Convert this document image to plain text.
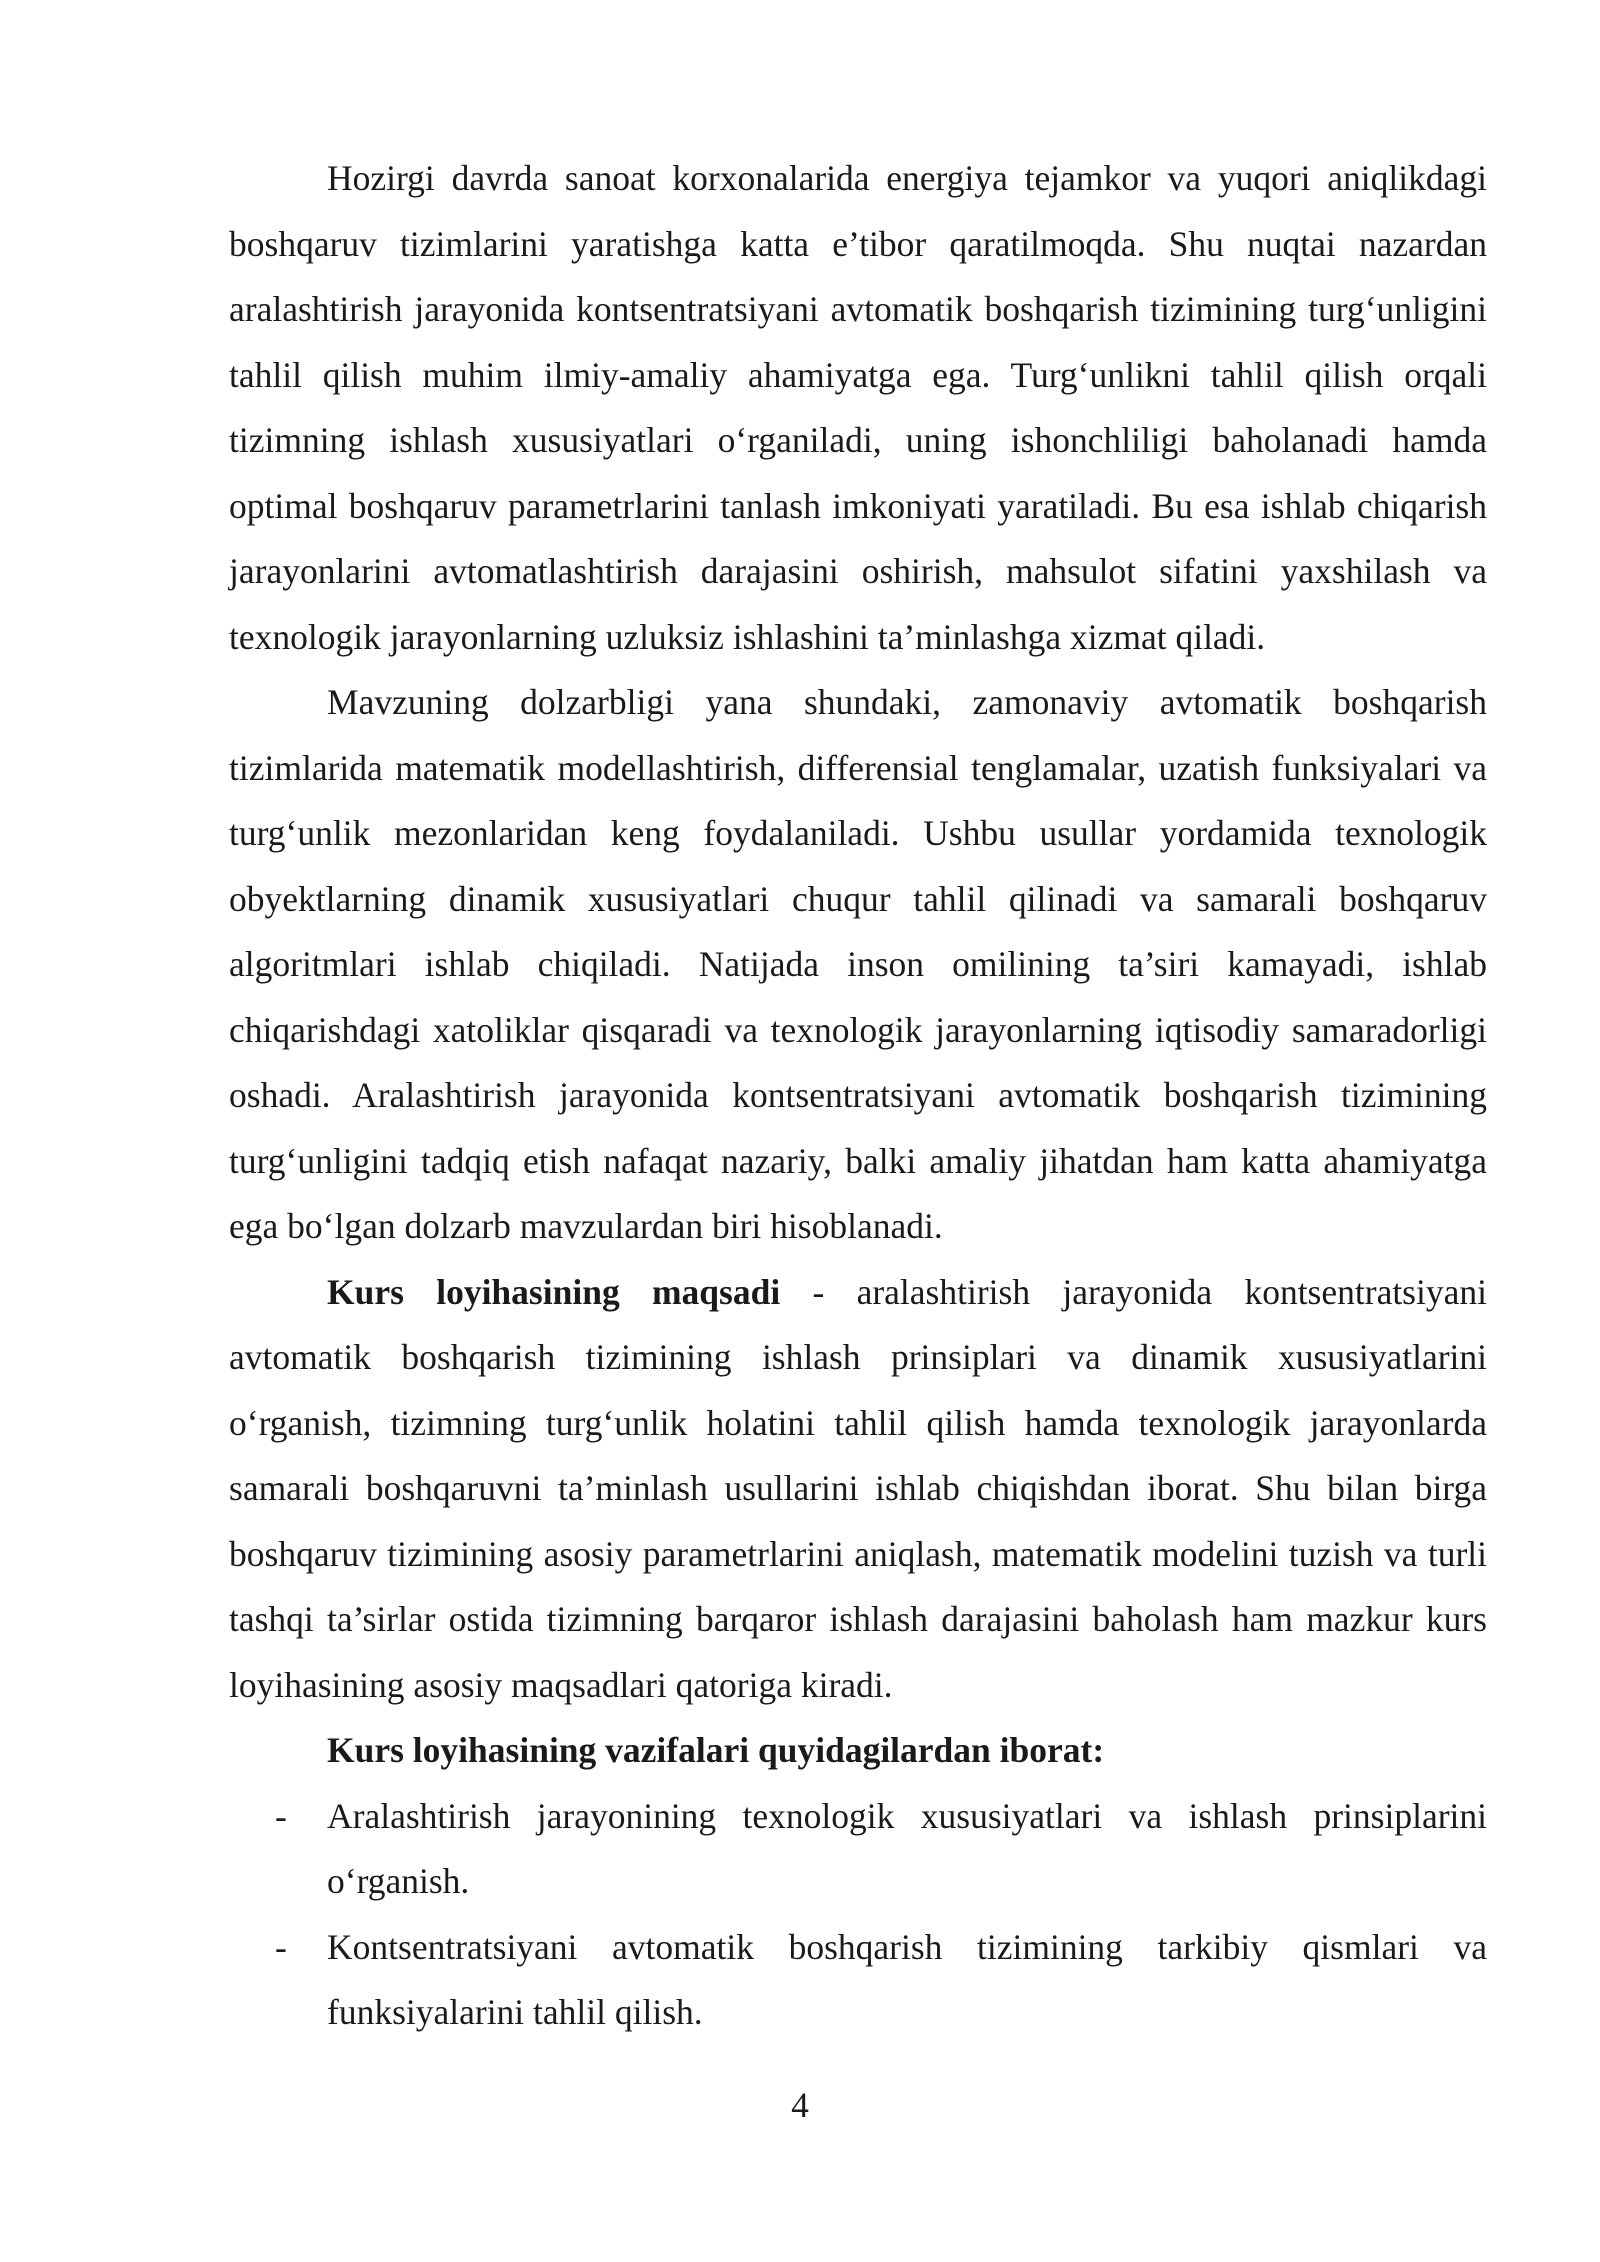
Hozirgi davrda sanoat korxonalarida energiya tejamkor va yuqori aniqlikdagi boshqaruv tizimlarini yaratishga katta e’tibor qaratilmoqda. Shu nuqtai nazardan aralashtirish jarayonida kontsentratsiyani avtomatik boshqarish tizimining turg‘unligini tahlil qilish muhim ilmiy-amaliy ahamiyatga ega. Turg‘unlikni tahlil qilish orqali tizimning ishlash xususiyatlari o‘rganiladi, uning ishonchliligi baholanadi hamda optimal boshqaruv parametrlarini tanlash imkoniyati yaratiladi. Bu esa ishlab chiqarish jarayonlarini avtomatlashtirish darajasini oshirish, mahsulot sifatini yaxshilash va texnologik jarayonlarning uzluksiz ishlashini ta’minlashga xizmat qiladi.

Mavzuning dolzarbligi yana shundaki, zamonaviy avtomatik boshqarish tizimlarida matematik modellashtirish, differensial tenglamalar, uzatish funksiyalari va turg‘unlik mezonlaridan keng foydalaniladi. Ushbu usullar yordamida texnologik obyektlarning dinamik xususiyatlari chuqur tahlil qilinadi va samarali boshqaruv algoritmlari ishlab chiqiladi. Natijada inson omilining ta’siri kamayadi, ishlab chiqarishdagi xatoliklar qisqaradi va texnologik jarayonlarning iqtisodiy samaradorligi oshadi. Aralashtirish jarayonida kontsentratsiyani avtomatik boshqarish tizimining turg‘unligini tadqiq etish nafaqat nazariy, balki amaliy jihatdan ham katta ahamiyatga ega bo‘lgan dolzarb mavzulardan biri hisoblanadi.

Kurs loyihasining maqsadi - aralashtirish jarayonida kontsentratsiyani avtomatik boshqarish tizimining ishlash prinsiplari va dinamik xususiyatlarini o‘rganish, tizimning turg‘unlik holatini tahlil qilish hamda texnologik jarayonlarda samarali boshqaruvni ta’minlash usullarini ishlab chiqishdan iborat. Shu bilan birga boshqaruv tizimining asosiy parametrlarini aniqlash, matematik modelini tuzish va turli tashqi ta’sirlar ostida tizimning barqaror ishlash darajasini baholash ham mazkur kurs loyihasining asosiy maqsadlari qatoriga kiradi.

Kurs loyihasining vazifalari quyidagilardan iborat:

- Aralashtirish jarayonining texnologik xususiyatlari va ishlash prinsiplarini o‘rganish.
- Kontsentratsiyani avtomatik boshqarish tizimining tarkibiy qismlari va funksiyalarini tahlil qilish.
4
